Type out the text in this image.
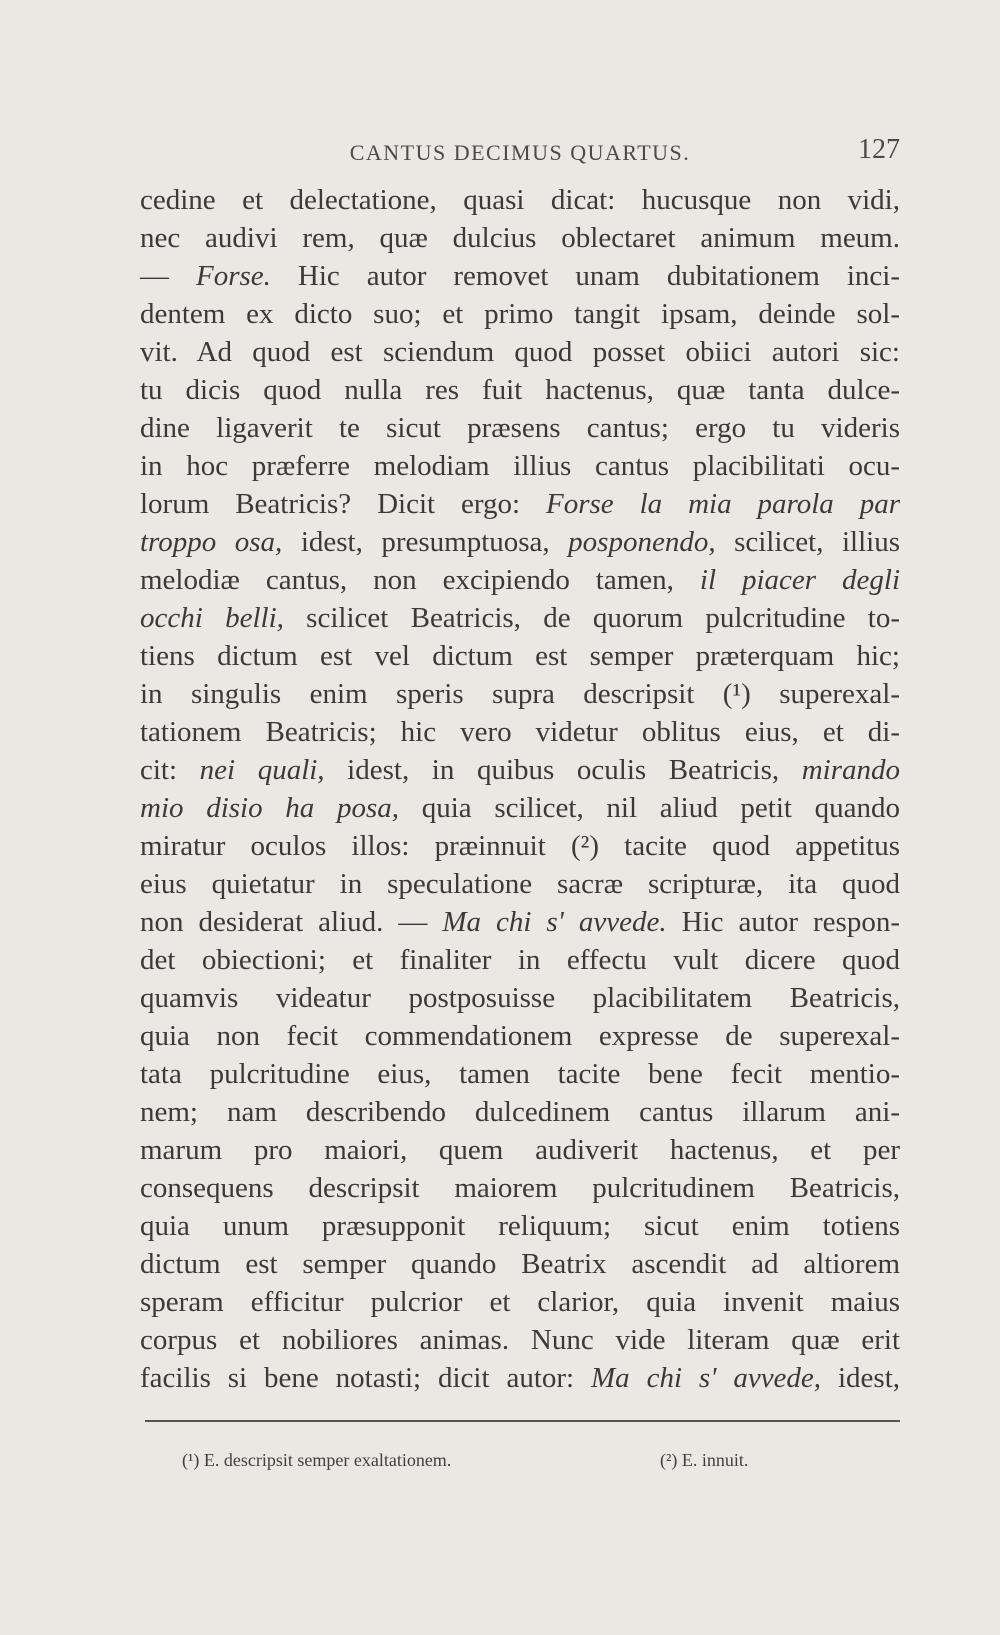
CANTUS DECIMUS QUARTUS.	127
cedine et delectatione, quasi dicat: hucusque non vidi,
nec audivi rem, quæ dulcius oblectaret animum meum.
— Forse. Hic autor removet unam dubitationem inci-
dentem ex dicto suo; et primo tangit ipsam, deinde sol-
vit. Ad quod est sciendum quod posset obiici autori sic:
tu dicis quod nulla res fuit hactenus, quæ tanta dulce-
dine ligaverit te sicut præsens cantus; ergo tu videris
in hoc præferre melodiam illius cantus placibilitati ocu-
lorum Beatricis? Dicit ergo: Forse la mia parola par
troppo osa, idest, presumptuosa, posponendo, scilicet, illius
melodiæ cantus, non excipiendo tamen, il piacer degli
occhi belli, scilicet Beatricis, de quorum pulcritudine to-
tiens dictum est vel dictum est semper præterquam hic;
in singulis enim speris supra descripsit (¹) superexal-
tationem Beatricis; hic vero videtur oblitus eius, et di-
cit: nei quali, idest, in quibus oculis Beatricis, mirando
mio disio ha posa, quia scilicet, nil aliud petit quando
miratur oculos illos: præinnuit (²) tacite quod appetitus
eius quietatur in speculatione sacræ scripturæ, ita quod
non desiderat aliud. — Ma chi s' avvede. Hic autor respon-
det obiectioni; et finaliter in effectu vult dicere quod
quamvis videatur postposuisse placibilitatem Beatricis,
quia non fecit commendationem expresse de superexal-
tata pulcritudine eius, tamen tacite bene fecit mentio-
nem; nam describendo dulcedinem cantus illarum ani-
marum pro maiori, quem audiverit hactenus, et per
consequens descripsit maiorem pulcritudinem Beatricis,
quia unum præsupponit reliquum; sicut enim totiens
dictum est semper quando Beatrix ascendit ad altiorem
speram efficitur pulcrior et clarior, quia invenit maius
corpus et nobiliores animas. Nunc vide literam quæ erit
facilis si bene notasti; dicit autor: Ma chi s' avvede, idest,
(¹) E. descripsit semper exaltationem.	(²) E. innuit.
